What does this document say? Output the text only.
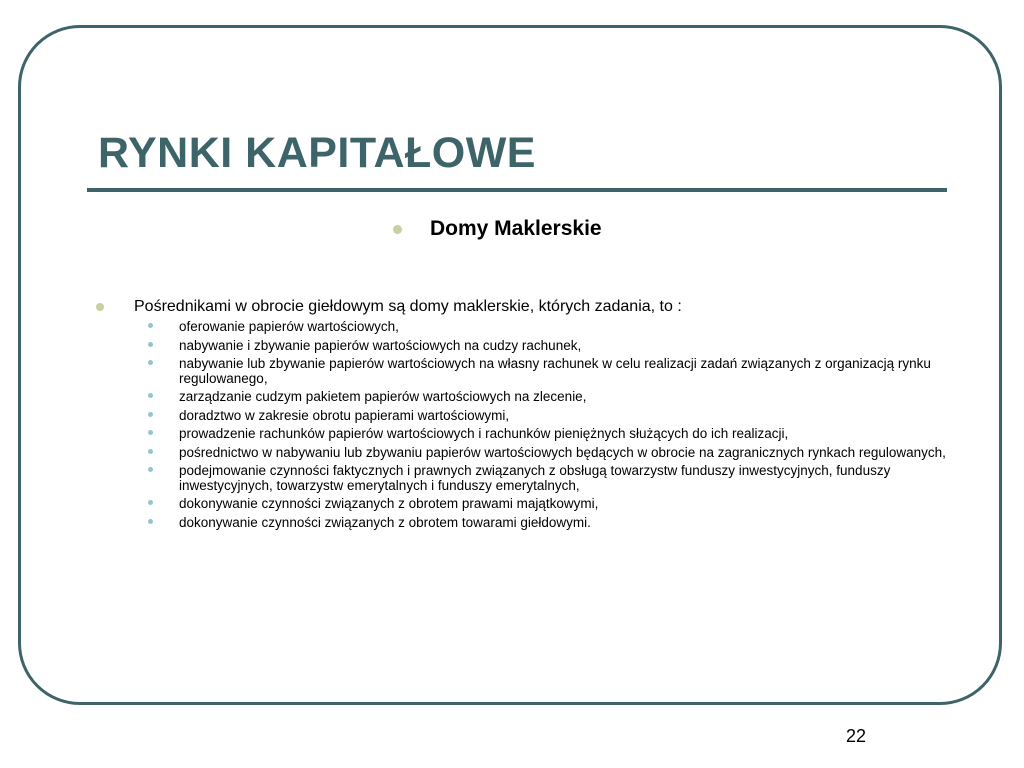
RYNKI KAPITAŁOWE
Domy Maklerskie
Pośrednikami w obrocie giełdowym są domy maklerskie, których zadania, to :
oferowanie papierów wartościowych,
nabywanie i zbywanie papierów wartościowych na cudzy rachunek,
nabywanie lub zbywanie papierów wartościowych na własny rachunek w celu realizacji zadań związanych z organizacją rynku regulowanego,
zarządzanie cudzym pakietem papierów wartościowych na zlecenie,
doradztwo w zakresie obrotu papierami wartościowymi,
prowadzenie rachunków papierów wartościowych i rachunków pieniężnych służących do ich realizacji,
pośrednictwo w nabywaniu lub zbywaniu papierów wartościowych będących w obrocie na zagranicznych rynkach regulowanych,
podejmowanie czynności faktycznych i prawnych związanych z obsługą towarzystw funduszy inwestycyjnych, funduszy inwestycyjnych, towarzystw emerytalnych i funduszy emerytalnych,
dokonywanie czynności związanych z obrotem prawami majątkowymi,
dokonywanie czynności związanych z obrotem towarami giełdowymi.
22
